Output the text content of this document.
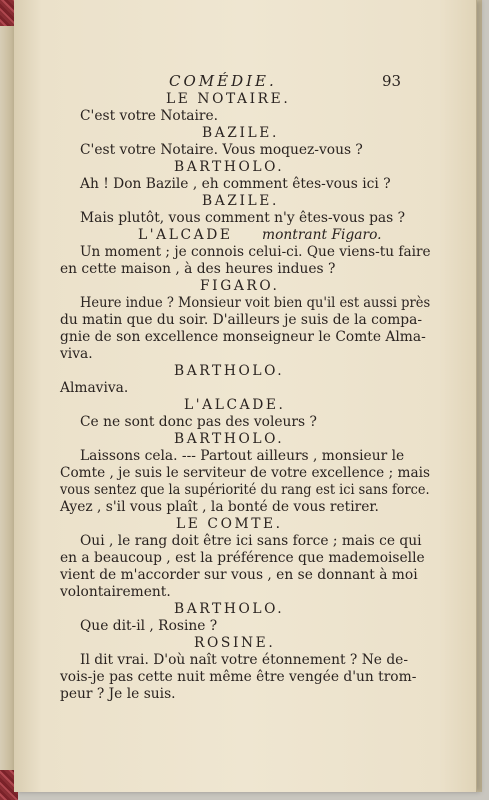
COMÉDIE.	93
LE NOTAIRE.
C'est votre Notaire.
BAZILE.
C'est votre Notaire. Vous moquez-vous ?
BARTHOLO.
Ah ! Don Bazile , eh comment êtes-vous ici ?
BAZILE.
Mais plutôt, vous comment n'y êtes-vous pas ?
L'ALCADE montrant Figaro.
Un moment ; je connois celui-ci. Que viens-tu faire
en cette maison , à des heures indues ?
FIGARO.
Heure indue ? Monsieur voit bien qu'il est aussi près
du matin que du soir. D'ailleurs je suis de la compa-
gnie de son excellence monseigneur le Comte Alma-
viva.
BARTHOLO.
Almaviva.
L'ALCADE.
Ce ne sont donc pas des voleurs ?
BARTHOLO.
Laissons cela. --- Partout ailleurs , monsieur le
Comte , je suis le serviteur de votre excellence ; mais
vous sentez que la supériorité du rang est ici sans force.
Ayez , s'il vous plaît , la bonté de vous retirer.
LE COMTE.
Oui , le rang doit être ici sans force ; mais ce qui
en a beaucoup , est la préférence que mademoiselle
vient de m'accorder sur vous , en se donnant à moi
volontairement.
BARTHOLO.
Que dit-il , Rosine ?
ROSINE.
Il dit vrai. D'où naît votre étonnement ? Ne de-
vois-je pas cette nuit même être vengée d'un trom-
peur ? Je le suis.
